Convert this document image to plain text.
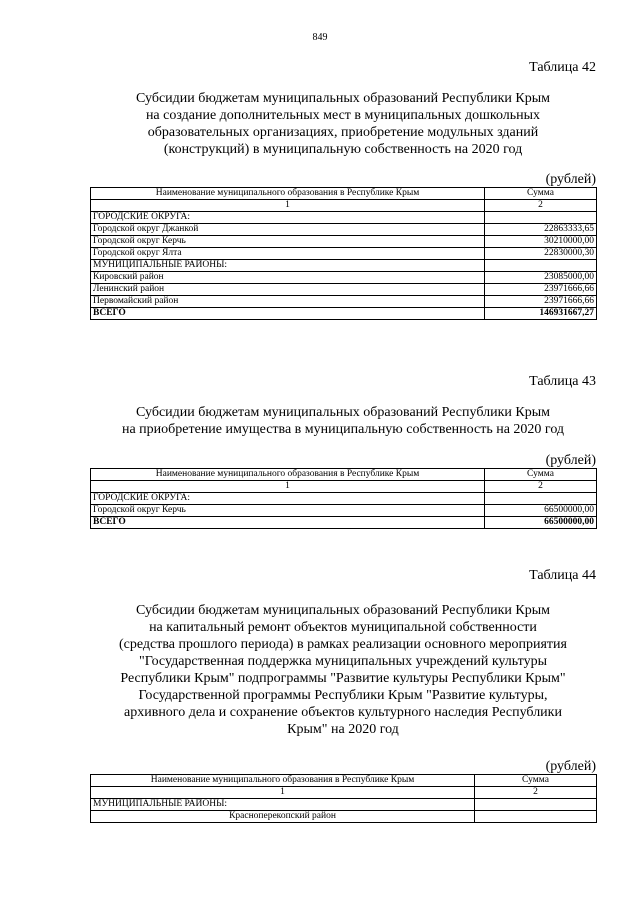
849
Таблица 42
Субсидии бюджетам муниципальных образований Республики Крым
на создание дополнительных мест в муниципальных дошкольных
образовательных организациях, приобретение модульных зданий
(конструкций) в муниципальную собственность на 2020 год
(рублей)
Наименование муниципального образования в Республике Крым	Сумма
1	2
ГОРОДСКИЕ ОКРУГА:	
Городской округ Джанкой	22863333,65
Городской округ Керчь	30210000,00
Городской округ Ялта	22830000,30
МУНИЦИПАЛЬНЫЕ РАЙОНЫ:	
Кировский район	23085000,00
Ленинский район	23971666,66
Первомайский район	23971666,66
ВСЕГО	146931667,27
Таблица 43
Субсидии бюджетам муниципальных образований Республики Крым
на приобретение имущества в муниципальную собственность на 2020 год
(рублей)
Наименование муниципального образования в Республике Крым	Сумма
1	2
ГОРОДСКИЕ ОКРУГА:	
Городской округ Керчь	66500000,00
ВСЕГО	66500000,00
Таблица 44
Субсидии бюджетам муниципальных образований Республики Крым
на капитальный ремонт объектов муниципальной собственности
(средства прошлого периода) в рамках реализации основного мероприятия
"Государственная поддержка муниципальных учреждений культуры
Республики Крым" подпрограммы "Развитие культуры Республики Крым"
Государственной программы Республики Крым "Развитие культуры,
архивного дела и сохранение объектов культурного наследия Республики
Крым" на 2020 год
(рублей)
Наименование муниципального образования в Республике Крым	Сумма
1	2
МУНИЦИПАЛЬНЫЕ РАЙОНЫ:	
Красноперекопский район	
